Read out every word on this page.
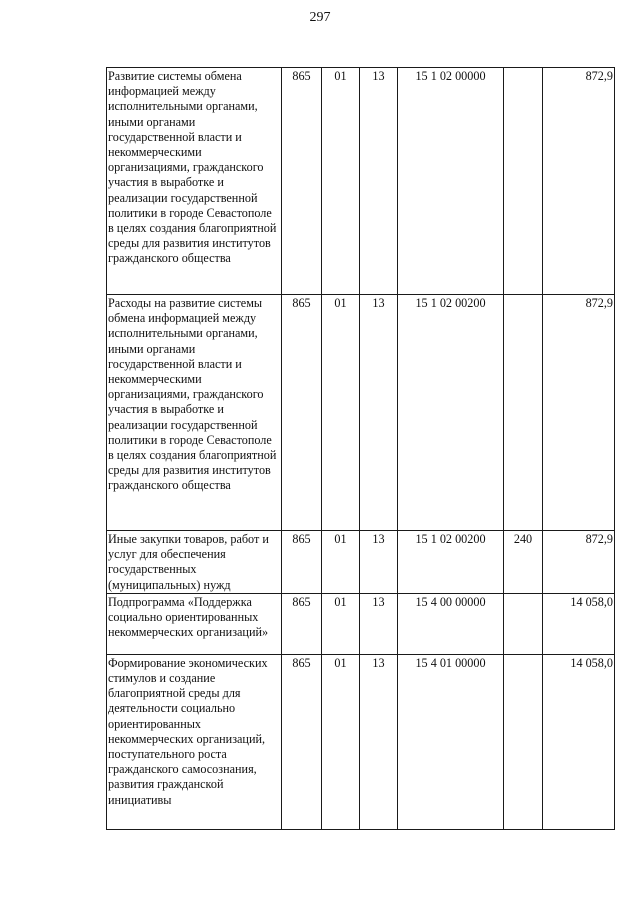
297
Развитие системы обмена информацией между исполнительными органами, иными органами государственной власти и некоммерческими организациями, гражданского участия в выработке и реализации государственной политики в городе Севастополе в целях создания благоприятной среды для развития институтов гражданского общества	865	01	13	15 1 02 00000		872,9
Расходы на развитие системы обмена информацией между исполнительными органами, иными органами государственной власти и некоммерческими организациями, гражданского участия в выработке и реализации государственной политики в городе Севастополе в целях создания благоприятной среды для развития институтов гражданского общества	865	01	13	15 1 02 00200		872,9
Иные закупки товаров, работ и услуг для обеспечения государственных (муниципальных) нужд	865	01	13	15 1 02 00200	240	872,9
Подпрограмма «Поддержка социально ориентированных некоммерческих организаций»	865	01	13	15 4 00 00000		14 058,0
Формирование экономических стимулов и создание благоприятной среды для деятельности социально ориентированных некоммерческих организаций, поступательного роста гражданского самосознания, развития гражданской инициативы	865	01	13	15 4 01 00000		14 058,0
